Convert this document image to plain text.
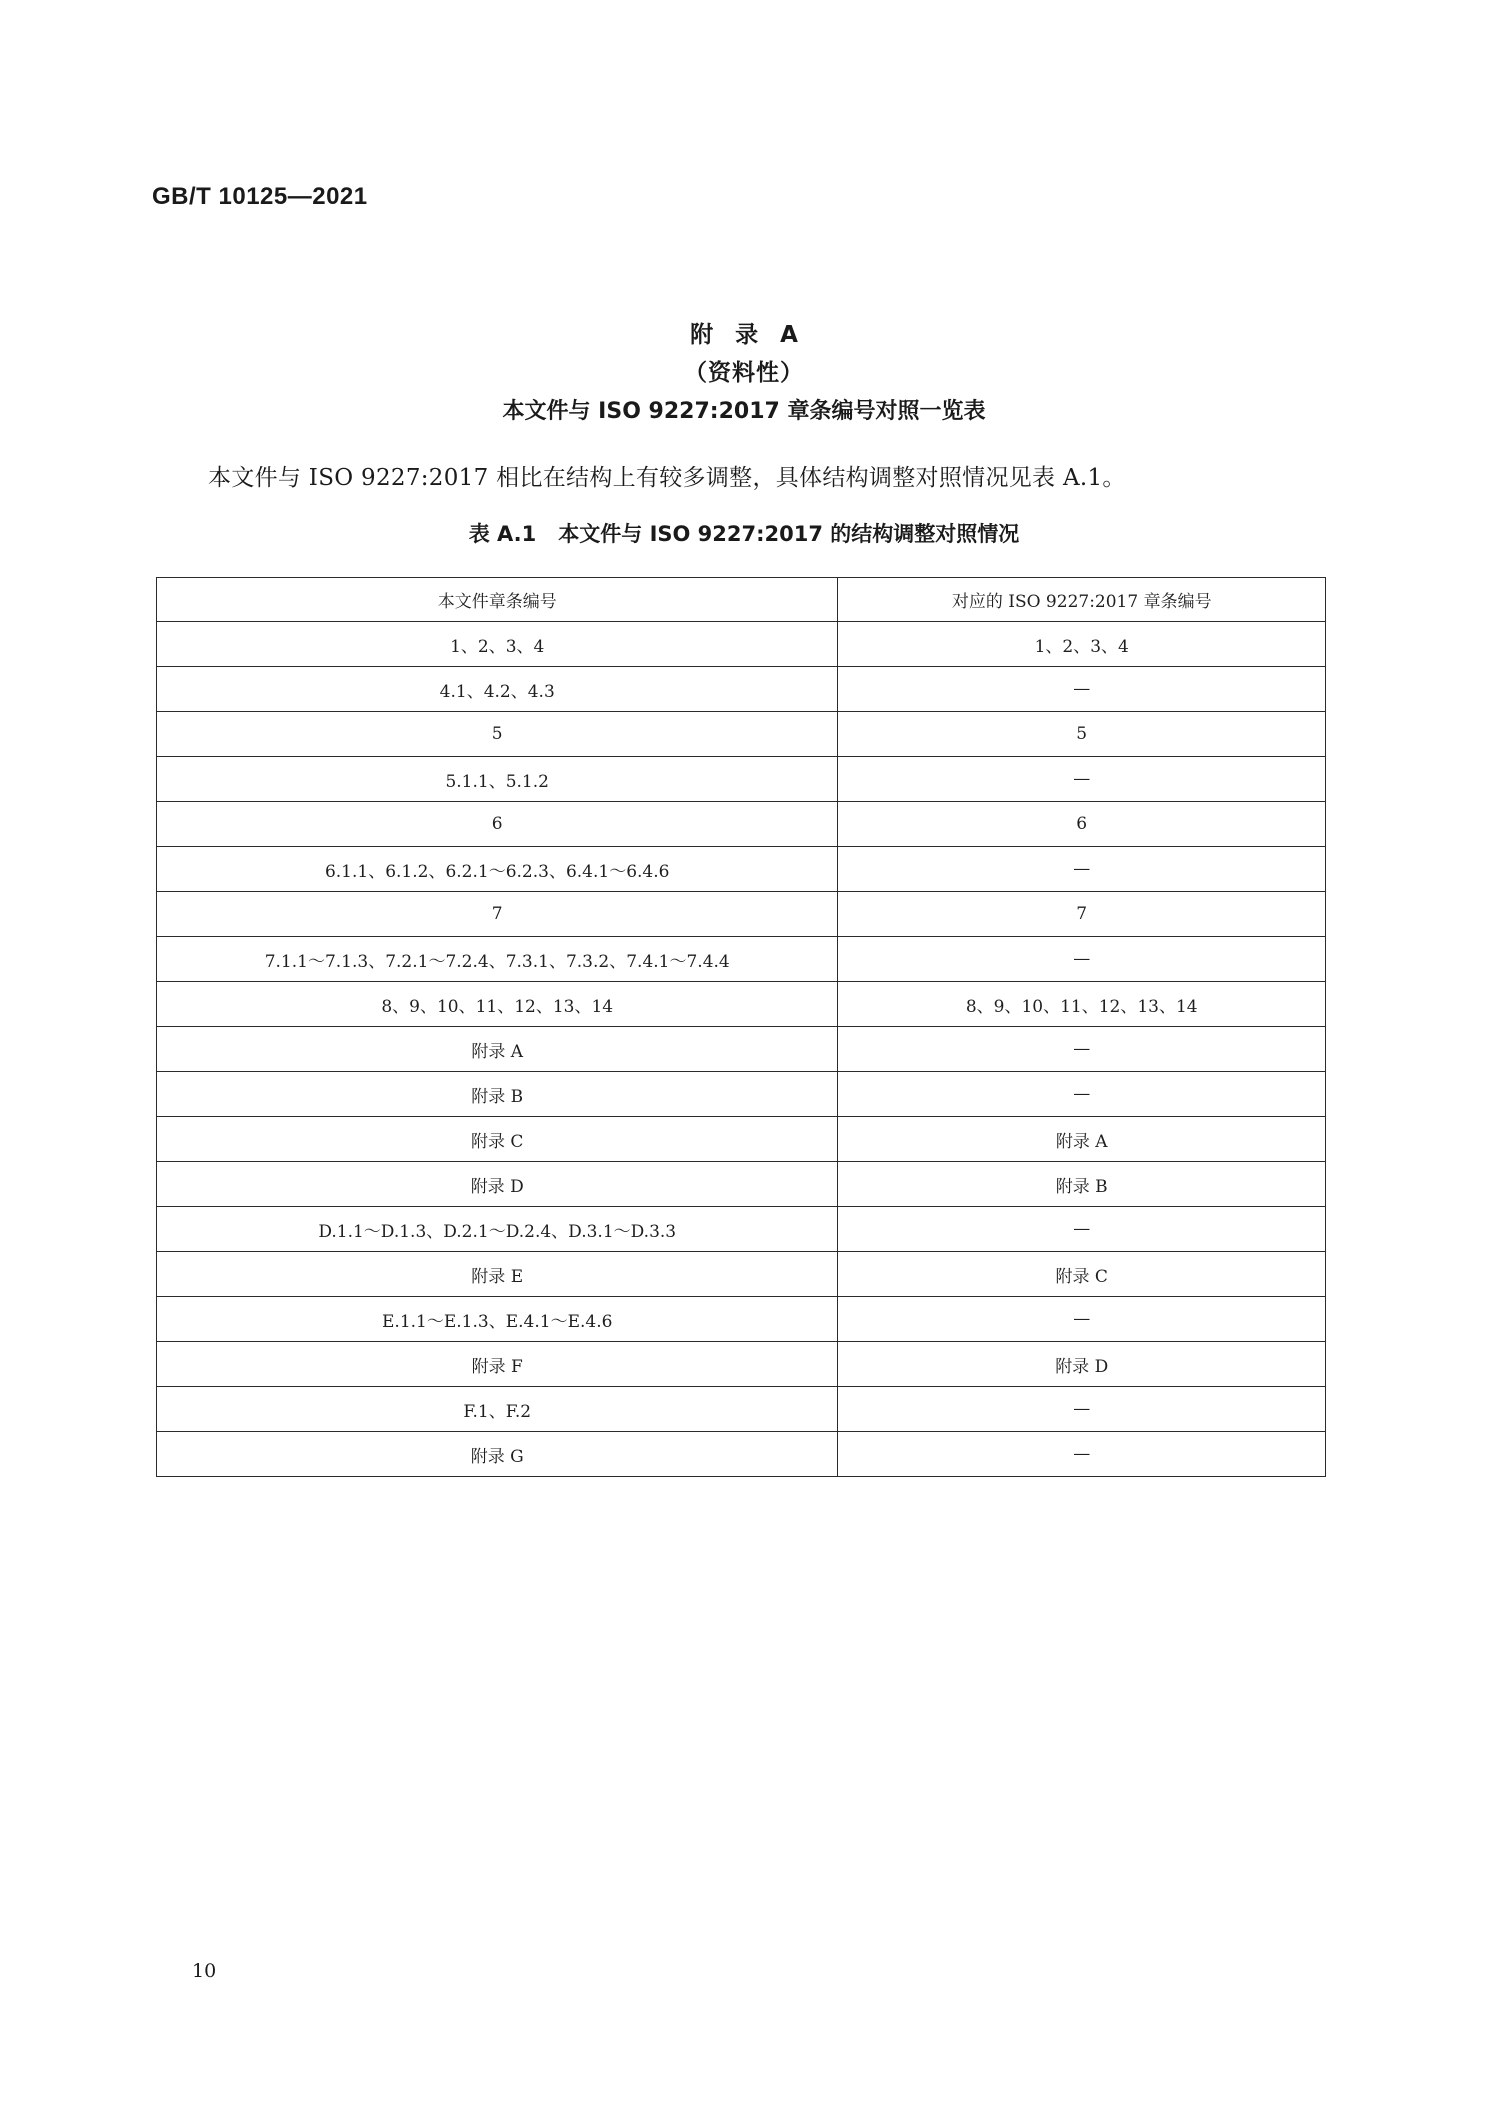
GB/T 10125—2021
附录A
（资料性）
本文件与 ISO 9227:2017 章条编号对照一览表
本文件与 ISO 9227:2017 相比在结构上有较多调整，具体结构调整对照情况见表 A.1。
表 A.1 本文件与 ISO 9227:2017 的结构调整对照情况
本文件章条编号	对应的 ISO 9227:2017 章条编号
1、2、3、4	1、2、3、4
4.1、4.2、4.3	—
5	5
5.1.1、5.1.2	—
6	6
6.1.1、6.1.2、6.2.1～6.2.3、6.4.1～6.4.6	—
7	7
7.1.1～7.1.3、7.2.1～7.2.4、7.3.1、7.3.2、7.4.1～7.4.4	—
8、9、10、11、12、13、14	8、9、10、11、12、13、14
附录 A	—
附录 B	—
附录 C	附录 A
附录 D	附录 B
D.1.1～D.1.3、D.2.1～D.2.4、D.3.1～D.3.3	—
附录 E	附录 C
E.1.1～E.1.3、E.4.1～E.4.6	—
附录 F	附录 D
F.1、F.2	—
附录 G	—
10
